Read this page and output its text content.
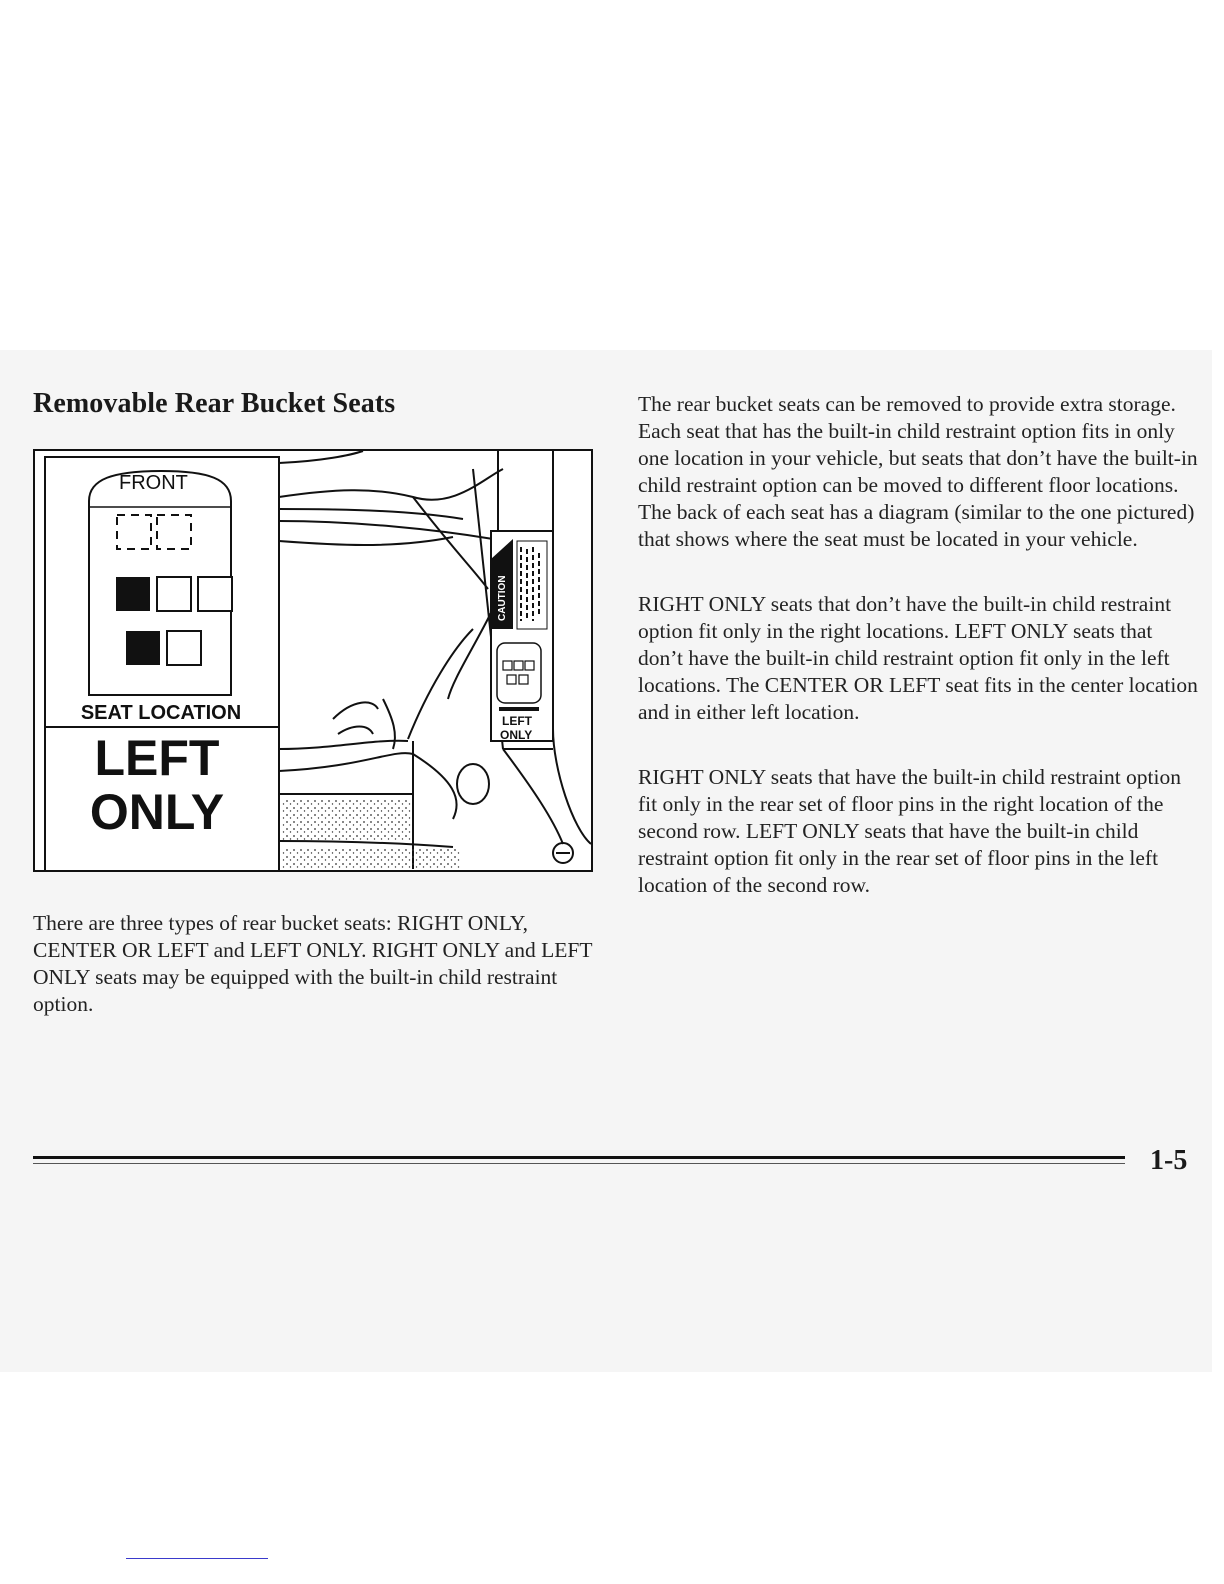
Removable Rear Bucket Seats
CAUTION
LEFT
ONLY
FRONT
SEAT LOCATION
LEFT
ONLY

There are three types of rear bucket seats: RIGHT ONLY, CENTER OR LEFT and LEFT ONLY. RIGHT ONLY and LEFT ONLY seats may be equipped with the built-in child restraint option.

The rear bucket seats can be removed to provide extra storage. Each seat that has the built-in child restraint option fits in only one location in your vehicle, but seats that don’t have the built-in child restraint option can be moved to different floor locations. The back of each seat has a diagram (similar to the one pictured) that shows where the seat must be located in your vehicle.

RIGHT ONLY seats that don’t have the built-in child restraint option fit only in the right locations. LEFT ONLY seats that don’t have the built-in child restraint option fit only in the left locations. The CENTER OR LEFT seat fits in the center location and in either left location.

RIGHT ONLY seats that have the built-in child restraint option fit only in the rear set of floor pins in the right location of the second row. LEFT ONLY seats that have the built-in child restraint option fit only in the rear set of floor pins in the left location of the second row.

1-5
